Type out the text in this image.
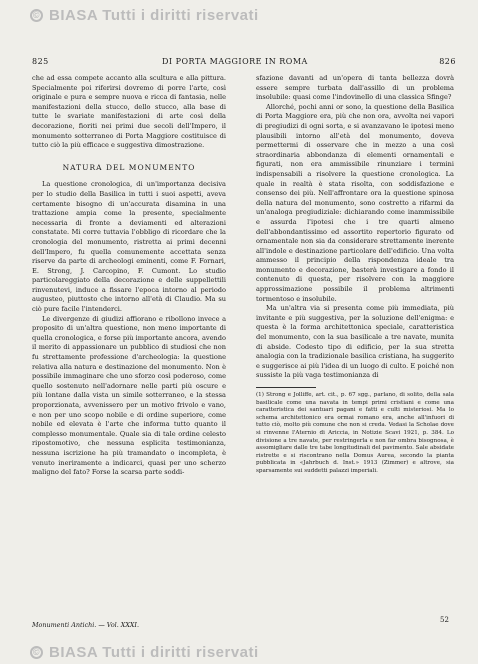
© BIASA Tutti i diritti riservati
825	DI PORTA MAGGIORE IN ROMA	826

che ad essa compete accanto alla scultura e alla pittura. Specialmente poi riferirsi dovremo di porre l'arte, così originale e pura e sempre nuova e ricca di fantasia, nelle manifestazioni della stucco, dello stucco, alla base di tutte le svariate manifestazioni di arte così della decorazione, fioriti nei primi due secoli dell'Impero, il monumento sotterraneo di Porta Maggiore costituisce di tutto ciò la più efficace e suggestiva dimostrazione.

NATURA DEL MONUMENTO

La questione cronologica, di un'importanza decisiva per lo studio della Basilica in tutti i suoi aspetti, aveva certamente bisogno di un'accurata disamina in una trattazione ampia come la presente, specialmente necessaria di fronte a deviamenti ed alterazioni constatate. Mi corre tuttavia l'obbligo di ricordare che la cronologia del monumento, ristretta ai primi decenni dell'Impero, fu quella comunemente accettata senza riserve da parte di archeologi eminenti, come F. Fornari, E. Strong, J. Carcopino, F. Cumont. Lo studio particolareggiato della decorazione e delle suppellettili rinvenutevi, induce a fissare l'epoca intorno al periodo augusteo, piuttosto che intorno all'età di Claudio. Ma su ciò pure facile l'intenderci.

Le divergenze di giudizi affiorano e ribollono invece a proposito di un'altra questione, non meno importante di quella cronologica, e forse più importante ancora, avendo il merito di appassionare un pubblico di studiosi che non fu strettamente professione d'archeologia: la questione relativa alla natura e destinazione del monumento. Non è possibile immaginare che uno sforzo così poderoso, come quello sostenuto nell'adornare nelle parti più oscure e più lontane dalla vista un simile sotterraneo, e la stessa proporzionata, avvenissero per un motivo frivolo e vano, e non per uno scopo nobile e di ordine superiore, come nobile ed elevata è l'arte che informa tutto quanto il complesso monumentale. Quale sia di tale ordine celesto ripostomotivo, che nessuna esplicita testimonianza, nessuna iscrizione ha più tramandato o incompleta, è venuto ineriramente a indicarci, quasi per uno scherzo maligno del fato? Forse la scarsa parte soddi-

sfazione davanti ad un'opera di tanta bellezza dovrà essere sempre turbata dall'assillo di un problema insolubile: quasi come l'indovinello di una classica Sfinge?

Allorché, pochi anni or sono, la questione della Basilica di Porta Maggiore era, più che non ora, avvolta nei vapori di pregiudizi di ogni sorta, e si avanzavano le ipotesi meno plausibili intorno all'età del monumento, doveva permettermi di osservare che in mezzo a una così straordinaria abbondanza di elementi ornamentali e figurati, non era ammissibile rinunziare i termini indispensabili a risolvere la questione cronologica. La quale in realtà è stata risolta, con soddisfazione e consenso dei più. Nell'affrontare ora la questione spinosa della natura del monumento, sono costretto a rifarmi da un'analoga pregiudiziale: dichiarando come inammissibile e assurda l'ipotesi che i tre quarti almeno dell'abbondantissimo ed assortito repertorio figurato od ornamentale non sia da considerare strettamente inerente all'indole e destinazione particolare dell'edificio. Una volta ammesso il principio della rispondenza ideale tra monumento e decorazione, basterà investigare a fondo il contenuto di questa, per risolvere con la maggiore approssimazione possibile il problema altrimenti tormentoso e insolubile.

Ma un'altra via si presenta come più immediata, più invitante e più suggestiva, per la soluzione dell'enigma: e questa è la forma architettonica speciale, caratteristica del monumento, con la sua basilicale a tre navate, munita di abside. Codesto tipo di edificio, per la sua stretta analogia con la tradizionale basilica cristiana, ha suggerito e suggerisce ai più l'idea di un luogo di culto. E poiché non sussiste la più vaga testimonianza di

(1) Strong e Jolliffe, art. cit., p. 67 sgg., parlano, di solito, della sala basilicale come una navata in tempi primi cristiani e come una caratteristica dei santuari pagani e fatti e culti misteriosi. Ma lo schema architettonico era ormai romano era, anche all'infuori di tutto ciò, molto più comune che non si creda. Vedasi la Scholae dove si rinvenne l'Aternio di Ariccia, in Notizie Scavi 1921, p. 384. Lo divisione a tre navate, per restringerla e non far ombra bisognosa, è assomigliare dalle tre tabe longitudinali del pavimento. Sale absidate ristrette e si riscontrano nella Domus Aurea, secondo la pianta pubblicata in «Jahrbuch d. Inst.» 1913 (Zimmer) e altrove, sia sparsamente sui suddetti palazzi imperiali.
Monumenti Antichi. — Vol. XXXI.
52
© BIASA Tutti i diritti riservati
